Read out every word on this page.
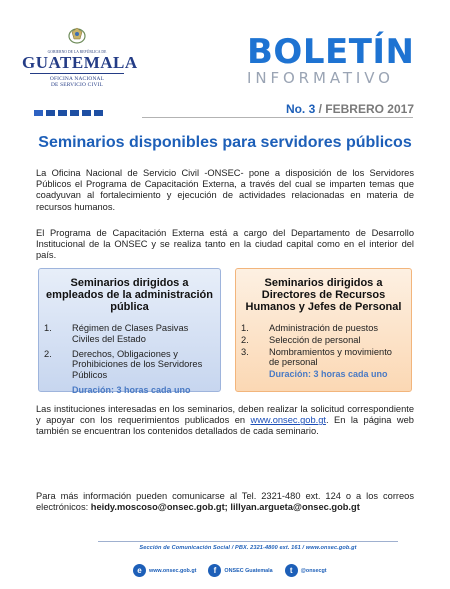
GOBIERNO DE LA REPÚBLICA DE
GUATEMALA
OFICINA NACIONAL
DE SERVICIO CIVIL
BOLETÍN
INFORMATIVO
No. 3 / FEBRERO 2017
Seminarios disponibles para servidores públicos

La Oficina Nacional de Servicio Civil -ONSEC- pone a disposición de los Servidores Públicos el Programa de Capacitación Externa, a través del cual se imparten temas que coadyuvan al fortalecimiento y ejecución de actividades relacionadas en materia de recursos humanos.

El Programa de Capacitación Externa está a cargo del Departamento de Desarrollo Institucional de la ONSEC y se realiza tanto en la ciudad capital como en el interior del país.

Seminarios dirigidos a empleados de la administración pública
1.	Régimen de Clases Pasivas Civiles del Estado
2.	Derechos, Obligaciones y Prohibiciones de los Servidores Públicos
Duración: 3 horas cada uno
Seminarios dirigidos a Directores de Recursos Humanos y Jefes de Personal
1.	Administración de puestos
2.	Selección de personal
3.	Nombramientos y movimiento de personal
Duración: 3 horas cada uno

Las instituciones interesadas en los seminarios, deben realizar la solicitud correspondiente y apoyar con los requerimientos publicados en www.onsec.gob.gt. En la página web también se encuentran los contenidos detallados de cada seminario.

Para más información pueden comunicarse al Tel. 2321-480 ext. 124 o a los correos electrónicos: heidy.moscoso@onsec.gob.gt; lillyan.argueta@onsec.gob.gt

Sección de Comunicación Social / PBX. 2321-4800 ext. 161 / www.onsec.gob.gt
e	www.onsec.gob.gt	f	ONSEC Guatemala	t	@onsecgt
